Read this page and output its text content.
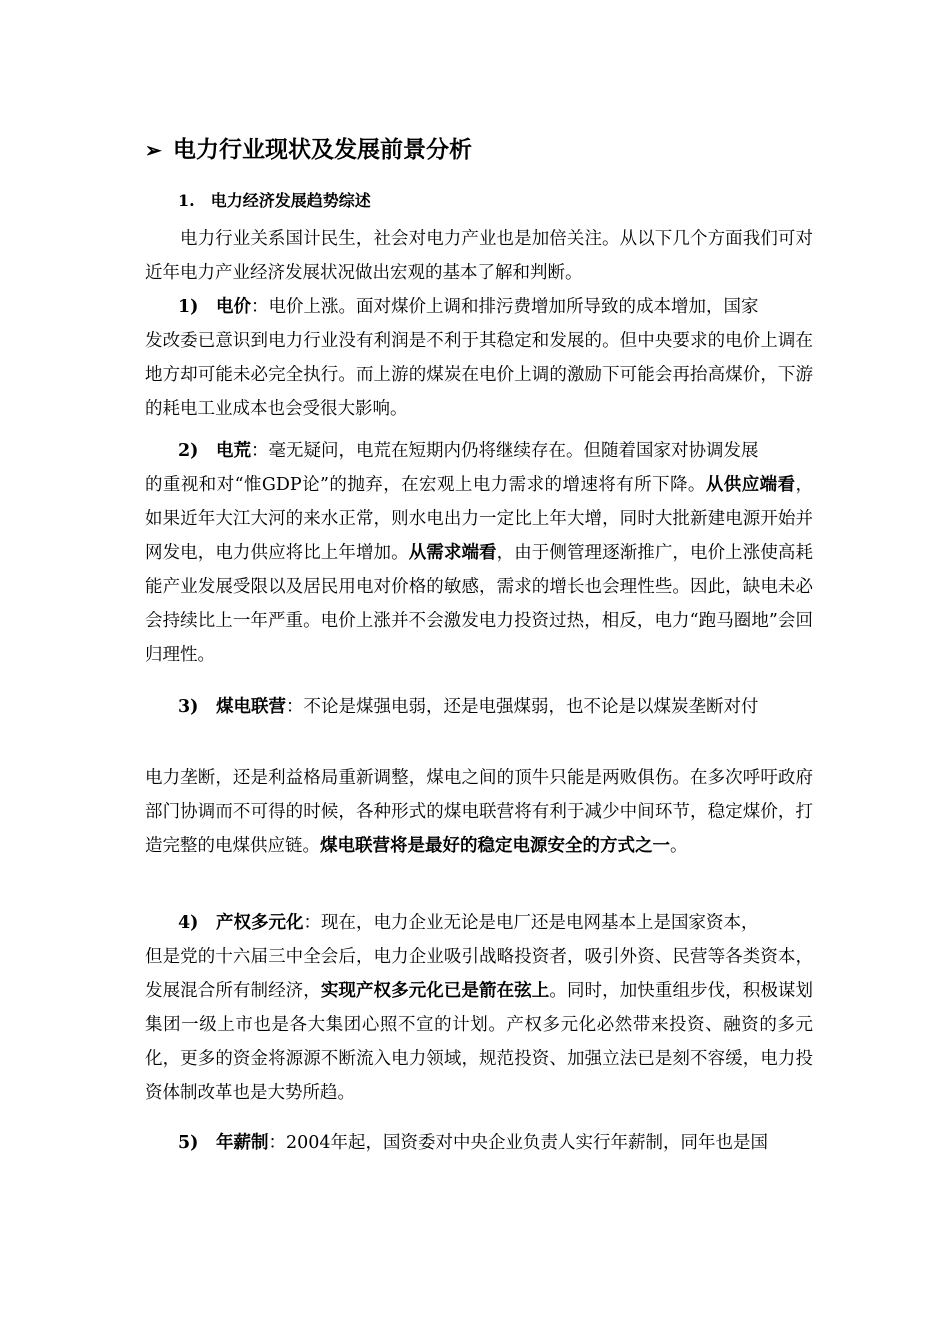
➢ 电力行业现状及发展前景分析
1. 电力经济发展趋势综述
电力行业关系国计民生，社会对电力产业也是加倍关注。从以下几个方面我们可对近年电力产业经济发展状况做出宏观的基本了解和判断。
1) 电价：电价上涨。面对煤价上调和排污费增加所导致的成本增加，国家
发改委已意识到电力行业没有利润是不利于其稳定和发展的。但中央要求的电价上调在地方却可能未必完全执行。而上游的煤炭在电价上调的激励下可能会再抬高煤价，下游的耗电工业成本也会受很大影响。
2) 电荒：毫无疑问，电荒在短期内仍将继续存在。但随着国家对协调发展
的重视和对“惟GDP论”的抛弃，在宏观上电力需求的增速将有所下降。从供应端看，如果近年大江大河的来水正常，则水电出力一定比上年大增，同时大批新建电源开始并网发电，电力供应将比上年增加。从需求端看，由于侧管理逐渐推广，电价上涨使高耗能产业发展受限以及居民用电对价格的敏感，需求的增长也会理性些。因此，缺电未必会持续比上一年严重。电价上涨并不会激发电力投资过热，相反，电力“跑马圈地”会回归理性。
3) 煤电联营：不论是煤强电弱，还是电强煤弱，也不论是以煤炭垄断对付
电力垄断，还是利益格局重新调整，煤电之间的顶牛只能是两败俱伤。在多次呼吁政府部门协调而不可得的时候，各种形式的煤电联营将有利于减少中间环节，稳定煤价，打造完整的电煤供应链。煤电联营将是最好的稳定电源安全的方式之一。
4) 产权多元化：现在，电力企业无论是电厂还是电网基本上是国家资本，
但是党的十六届三中全会后，电力企业吸引战略投资者，吸引外资、民营等各类资本，发展混合所有制经济，实现产权多元化已是箭在弦上。同时，加快重组步伐，积极谋划集团一级上市也是各大集团心照不宣的计划。产权多元化必然带来投资、融资的多元化，更多的资金将源源不断流入电力领域，规范投资、加强立法已是刻不容缓，电力投资体制改革也是大势所趋。
5) 年薪制：2004年起，国资委对中央企业负责人实行年薪制，同年也是国
